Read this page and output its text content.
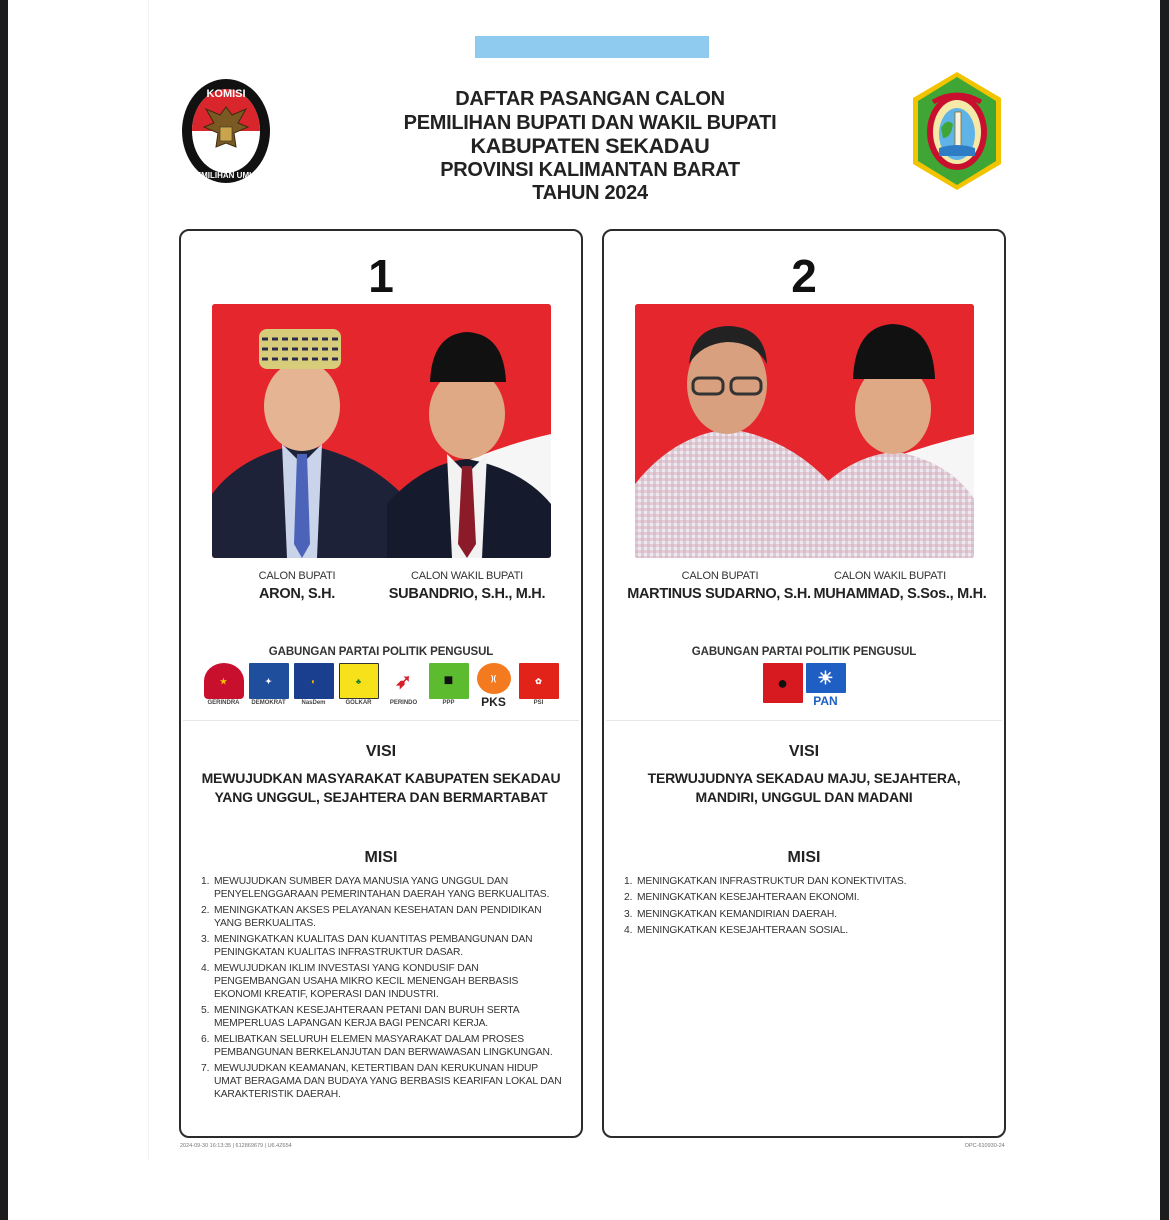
KOMISI
PEMILIHAN UMUM
DAFTAR PASANGAN CALON
PEMILIHAN BUPATI DAN WAKIL BUPATI
KABUPATEN SEKADAU
PROVINSI KALIMANTAN BARAT
TAHUN 2024
1
CALON BUPATI
ARON, S.H.
CALON WAKIL BUPATI
SUBANDRIO, S.H., M.H.
GABUNGAN PARTAI POLITIK PENGUSUL
★
GERINDRA
✦
DEMOKRAT
◐
NasDem
♣
GOLKAR
➶
PERINDO
■
PPP
)(
PKS
✿
PSI
VISI
MEWUJUDKAN MASYARAKAT KABUPATEN SEKADAU YANG UNGGUL, SEJAHTERA DAN BERMARTABAT
MISI
1. MEWUJUDKAN SUMBER DAYA MANUSIA YANG UNGGUL DAN PENYELENGGARAAN PEMERINTAHAN DAERAH YANG BERKUALITAS.
2. MENINGKATKAN AKSES PELAYANAN KESEHATAN DAN PENDIDIKAN YANG BERKUALITAS.
3. MENINGKATKAN KUALITAS DAN KUANTITAS PEMBANGUNAN DAN PENINGKATAN KUALITAS INFRASTRUKTUR DASAR.
4. MEWUJUDKAN IKLIM INVESTASI YANG KONDUSIF DAN PENGEMBANGAN USAHA MIKRO KECIL MENENGAH BERBASIS EKONOMI KREATIF, KOPERASI DAN INDUSTRI.
5. MENINGKATKAN KESEJAHTERAAN PETANI DAN BURUH SERTA MEMPERLUAS LAPANGAN KERJA BAGI PENCARI KERJA.
6. MELIBATKAN SELURUH ELEMEN MASYARAKAT DALAM PROSES PEMBANGUNAN BERKELANJUTAN DAN BERWAWASAN LINGKUNGAN.
7. MEWUJUDKAN KEAMANAN, KETERTIBAN DAN KERUKUNAN HIDUP UMAT BERAGAMA DAN BUDAYA YANG BERBASIS KEARIFAN LOKAL DAN KARAKTERISTIK DAERAH.
2
CALON BUPATI
MARTINUS SUDARNO, S.H.
CALON WAKIL BUPATI
MUHAMMAD, S.Sos., M.H.
GABUNGAN PARTAI POLITIK PENGUSUL
●	☀
PAN
VISI
TERWUJUDNYA SEKADAU MAJU, SEJAHTERA, MANDIRI, UNGGUL DAN MADANI
MISI
1. MENINGKATKAN INFRASTRUKTUR DAN KONEKTIVITAS.
2. MENINGKATKAN KESEJAHTERAAN EKONOMI.
3. MENINGKATKAN KEMANDIRIAN DAERAH.
4. MENINGKATKAN KESEJAHTERAAN SOSIAL.
2024-09-30 16:13:35 | 612869679 | U6.4Z654	DPC-610930-24
